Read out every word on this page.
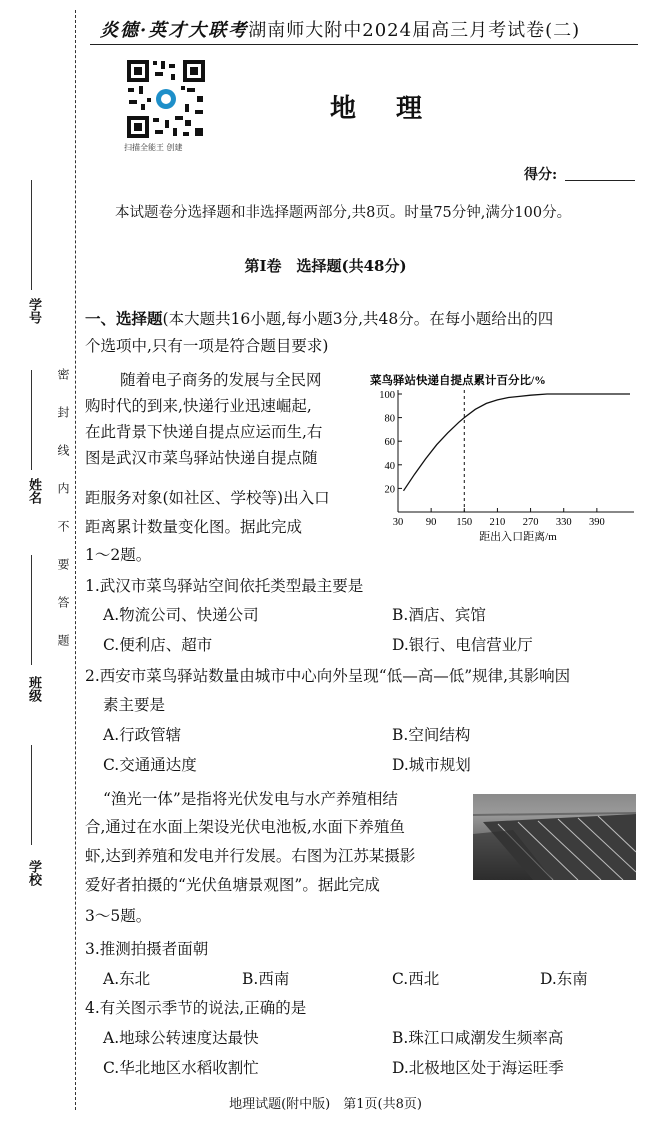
学号
姓名
班级
学校
密封线内不要答题
炎德·英才大联考湖南师大附中2024届高三月考试卷(二)
扫描全能王 创建
地理
得分:
本试题卷分选择题和非选择题两部分,共8页。时量75分钟,满分100分。
第Ⅰ卷　选择题(共48分)
一、选择题(本大题共16小题,每小题3分,共48分。在每小题给出的四
个选项中,只有一项是符合题目要求)
随着电子商务的发展与全民网
购时代的到来,快递行业迅速崛起,
在此背景下快递自提点应运而生,右
图是武汉市菜鸟驿站快递自提点随
距服务对象(如社区、学校等)出入口
距离累计数量变化图。据此完成
1～2题。
菜鸟驿站快递自提点累计百分比/%
20
40
60
80
100
30 90 150 210 270 330 390
距出入口距离/m
1.武汉市菜鸟驿站空间依托类型最主要是
A.物流公司、快递公司	B.酒店、宾馆
C.便利店、超市	D.银行、电信营业厅
2.西安市菜鸟驿站数量由城市中心向外呈现“低—高—低”规律,其影响因
素主要是
A.行政管辖	B.空间结构
C.交通通达度	D.城市规划
“渔光一体”是指将光伏发电与水产养殖相结
合,通过在水面上架设光伏电池板,水面下养殖鱼
虾,达到养殖和发电并行发展。右图为江苏某摄影
爱好者拍摄的“光伏鱼塘景观图”。据此完成
3～5题。
3.推测拍摄者面朝
A.东北	B.西南	C.西北	D.东南
4.有关图示季节的说法,正确的是
A.地球公转速度达最快	B.珠江口咸潮发生频率高
C.华北地区水稻收割忙	D.北极地区处于海运旺季
地理试题(附中版)　第1页(共8页)
